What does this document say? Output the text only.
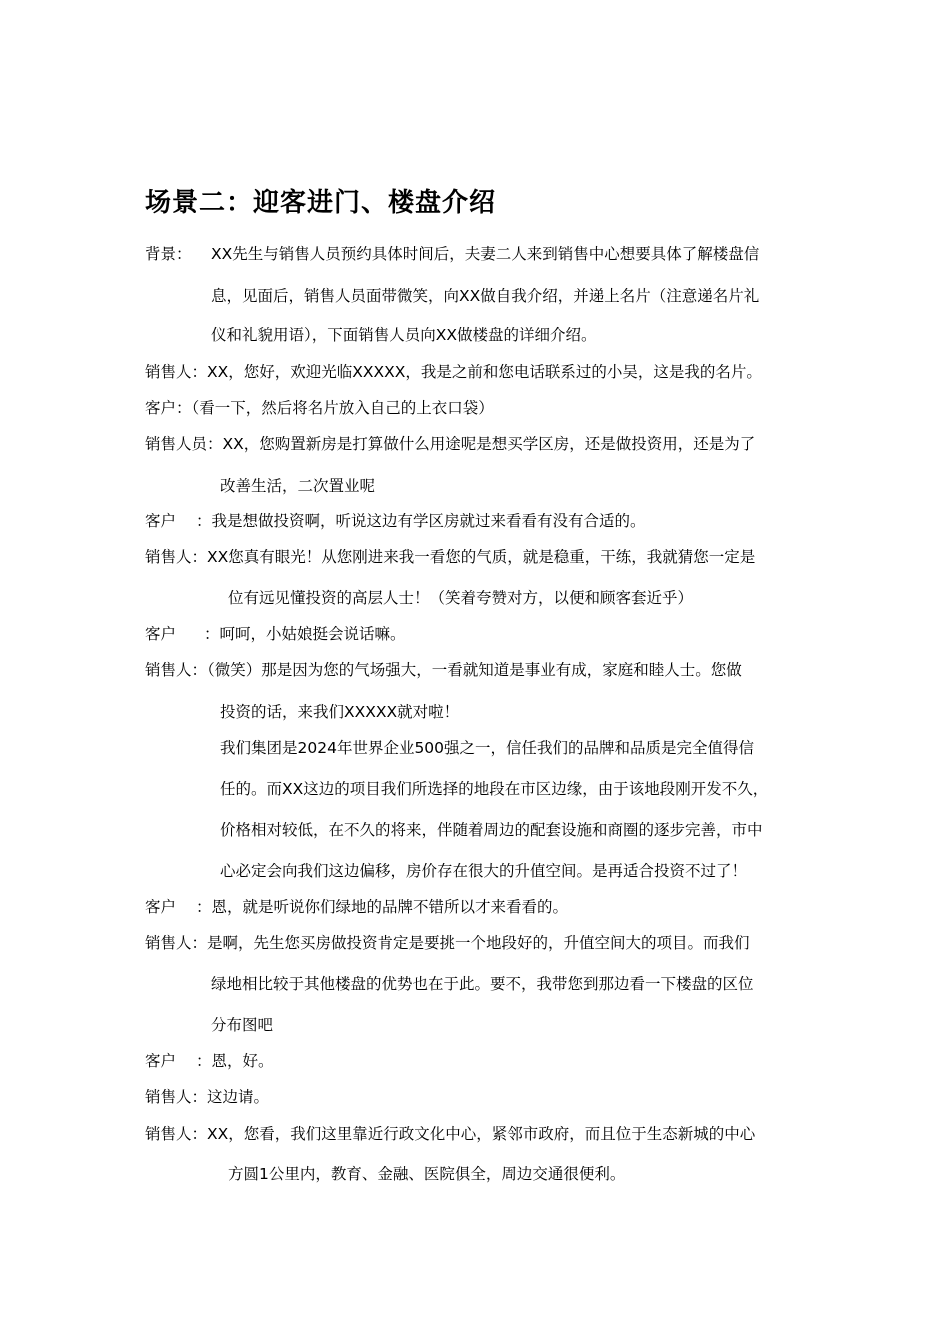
场景二：迎客进门、楼盘介绍
背景： XX先生与销售人员预约具体时间后，夫妻二人来到销售中心想要具体了解楼盘信
息，见面后，销售人员面带微笑，向XX做自我介绍，并递上名片（注意递名片礼
仪和礼貌用语），下面销售人员向XX做楼盘的详细介绍。
销售人：XX，您好，欢迎光临XXXXX，我是之前和您电话联系过的小吴，这是我的名片。
客户：（看一下，然后将名片放入自己的上衣口袋）
销售人员：XX，您购置新房是打算做什么用途呢是想买学区房，还是做投资用，还是为了
改善生活，二次置业呢
客户 ：我是想做投资啊，听说这边有学区房就过来看看有没有合适的。
销售人：XX您真有眼光！从您刚进来我一看您的气质，就是稳重，干练，我就猜您一定是
位有远见懂投资的高层人士！（笑着夸赞对方，以便和顾客套近乎）
客户 ：呵呵，小姑娘挺会说话嘛。
销售人：（微笑）那是因为您的气场强大，一看就知道是事业有成，家庭和睦人士。您做
投资的话，来我们XXXXX就对啦！
我们集团是2024年世界企业500强之一，信任我们的品牌和品质是完全值得信
任的。而XX这边的项目我们所选择的地段在市区边缘，由于该地段刚开发不久，
价格相对较低，在不久的将来，伴随着周边的配套设施和商圈的逐步完善，市中
心必定会向我们这边偏移，房价存在很大的升值空间。是再适合投资不过了！
客户 ：恩，就是听说你们绿地的品牌不错所以才来看看的。
销售人：是啊，先生您买房做投资肯定是要挑一个地段好的，升值空间大的项目。而我们
绿地相比较于其他楼盘的优势也在于此。要不，我带您到那边看一下楼盘的区位
分布图吧
客户 ：恩，好。
销售人：这边请。
销售人：XX，您看，我们这里靠近行政文化中心，紧邻市政府，而且位于生态新城的中心
方圆1公里内，教育、金融、医院俱全，周边交通很便利。
